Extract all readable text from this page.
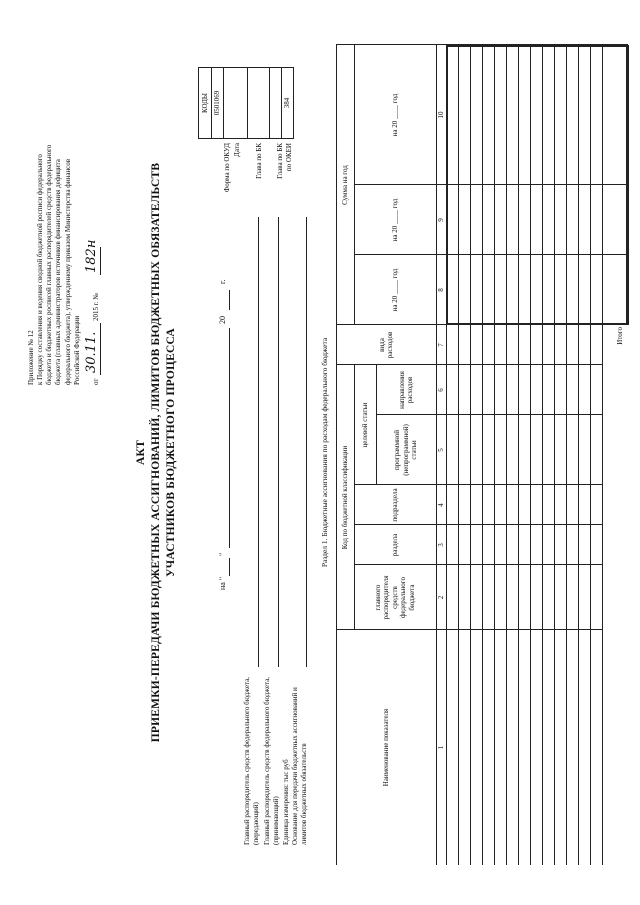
Приложение № 12 к Порядку составления и ведения сводной бюджетной росписи федерального бюджета и бюджетных росписей главных распорядителей средств федерального бюджета (главных администраторов источников финансирования дефицита федерального бюджета), утвержденному приказом Министерства финансов Российской Федерации от
30.11.
2015 г. №
182н
АКТ ПРИЕМКИ-ПЕРЕДАЧИ БЮДЖЕТНЫХ АССИГНОВАНИЙ, ЛИМИТОВ БЮДЖЕТНЫХ ОБЯЗАТЕЛЬСТВ УЧАСТНИКОВ БЮДЖЕТНОГО ПРОЦЕССА
на "
"
20
г.
Форма по ОКУД Дата Глава по БК Глава по БК по ОКЕИ
КОДЫ 0501069	384
Главный распорядитель средств федерального бюджета, (передающий) Главный распорядитель средств федерального бюджета, (принимающий) Единица измерения: тыс руб Основание для передачи бюджетных ассигнований и лимитов бюджетных обязательств
Раздел 1. Бюджетные ассигнования по расходам федерального бюджета
Наименование показателя
Код по бюджетной классификации
главного распорядителя средств федерального бюджета
раздела
подраздела
целевой статьи
программной (непрограммной) статьи
направления расходов
вида расходов
Сумма на год
на 20
____
год
на 20
____
год
на 20
____
год
1
2
3
4
5
6
7
8
9
10
Итого
